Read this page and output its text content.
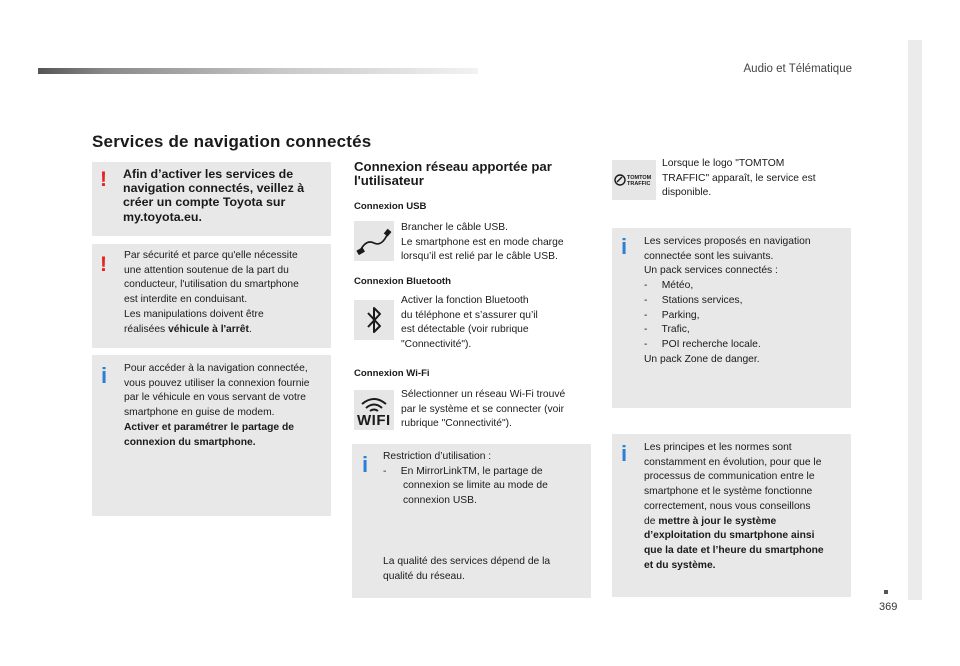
Audio et Télématique
369
Services de navigation connectés
! Afin d’activer les services de navigation connectés, veillez à créer un compte Toyota sur my.toyota.eu.
! Par sécurité et parce qu'elle nécessite
une attention soutenue de la part du
conducteur, l'utilisation du smartphone
est interdite en conduisant.
Les manipulations doivent être
réalisées véhicule à l'arrêt.
i Pour accéder à la navigation connectée,
vous pouvez utiliser la connexion fournie
par le véhicule en vous servant de votre
smartphone en guise de modem.
Activer et paramétrer le partage de
connexion du smartphone.
Connexion réseau apportée par
l'utilisateur
Connexion USB
Brancher le câble USB.
Le smartphone est en mode charge
lorsqu’il est relié par le câble USB.
Connexion Bluetooth
Activer la fonction Bluetooth
du téléphone et s’assurer qu’il
est détectable (voir rubrique
"Connectivité").
Connexion Wi-Fi
WIFI
Sélectionner un réseau Wi-Fi trouvé
par le système et se connecter (voir
rubrique "Connectivité").
i Restriction d’utilisation :
-     En MirrorLinkTM, le partage de
connexion se limite au mode de
connexion USB.
La qualité des services dépend de la
qualité du réseau.
TOMTOM
TRAFFIC
Lorsque le logo "TOMTOM
TRAFFIC" apparaît, le service est
disponible.
i Les services proposés en navigation
connectée sont les suivants.
Un pack services connectés :
-     Météo,
-     Stations services,
-     Parking,
-     Trafic,
-     POI recherche locale.
Un pack Zone de danger.
i Les principes et les normes sont
constamment en évolution, pour que le
processus de communication entre le
smartphone et le système fonctionne
correctement, nous vous conseillons
de mettre à jour le système
d’exploitation du smartphone ainsi
que la date et l’heure du smartphone
et du système.
